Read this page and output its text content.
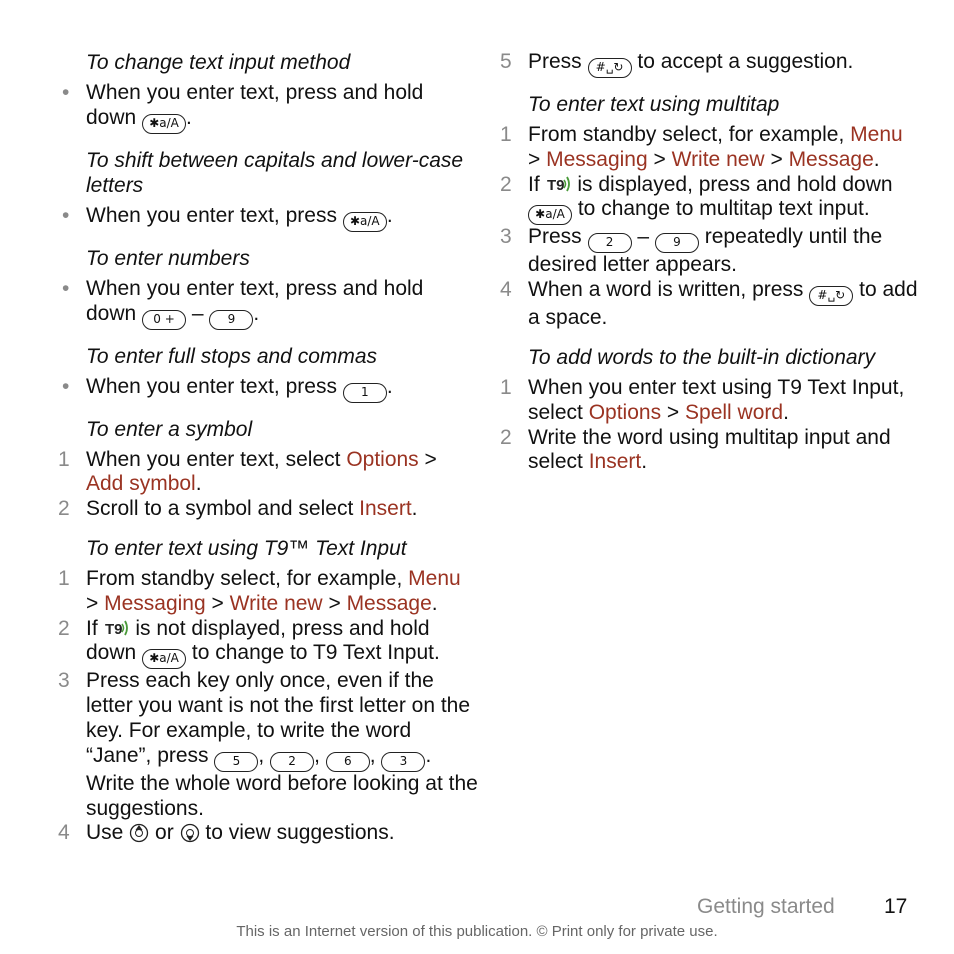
To change text input method
• When you enter text, press and hold down ✱a/A .
To shift between capitals and lower-case letters
• When you enter text, press ✱a/A .
To enter numbers
• When you enter text, press and hold down 0 + – 9 .
To enter full stops and commas
• When you enter text, press 1 .
To enter a symbol
1 When you enter text, select Options > Add symbol.
2 Scroll to a symbol and select Insert.
To enter text using T9™ Text Input
1 From standby select, for example, Menu > Messaging > Write new > Message.
2 If T9 is not displayed, press and hold down ✱a/A to change to T9 Text Input.
3 Press each key only once, even if the letter you want is not the first letter on the key. For example, to write the word “Jane”, press 5 , 2 , 6 , 3 . Write the whole word before looking at the suggestions.
4 Use or to view suggestions.
5 Press #␣↻ to accept a suggestion.
To enter text using multitap
1 From standby select, for example, Menu > Messaging > Write new > Message.
2 If T9 is displayed, press and hold down ✱a/A to change to multitap text input.
3 Press 2 – 9 repeatedly until the desired letter appears.
4 When a word is written, press #␣↻ to add a space.
To add words to the built-in dictionary
1 When you enter text using T9 Text Input, select Options > Spell word.
2 Write the word using multitap input and select Insert.
Getting started 17
This is an Internet version of this publication. © Print only for private use.
